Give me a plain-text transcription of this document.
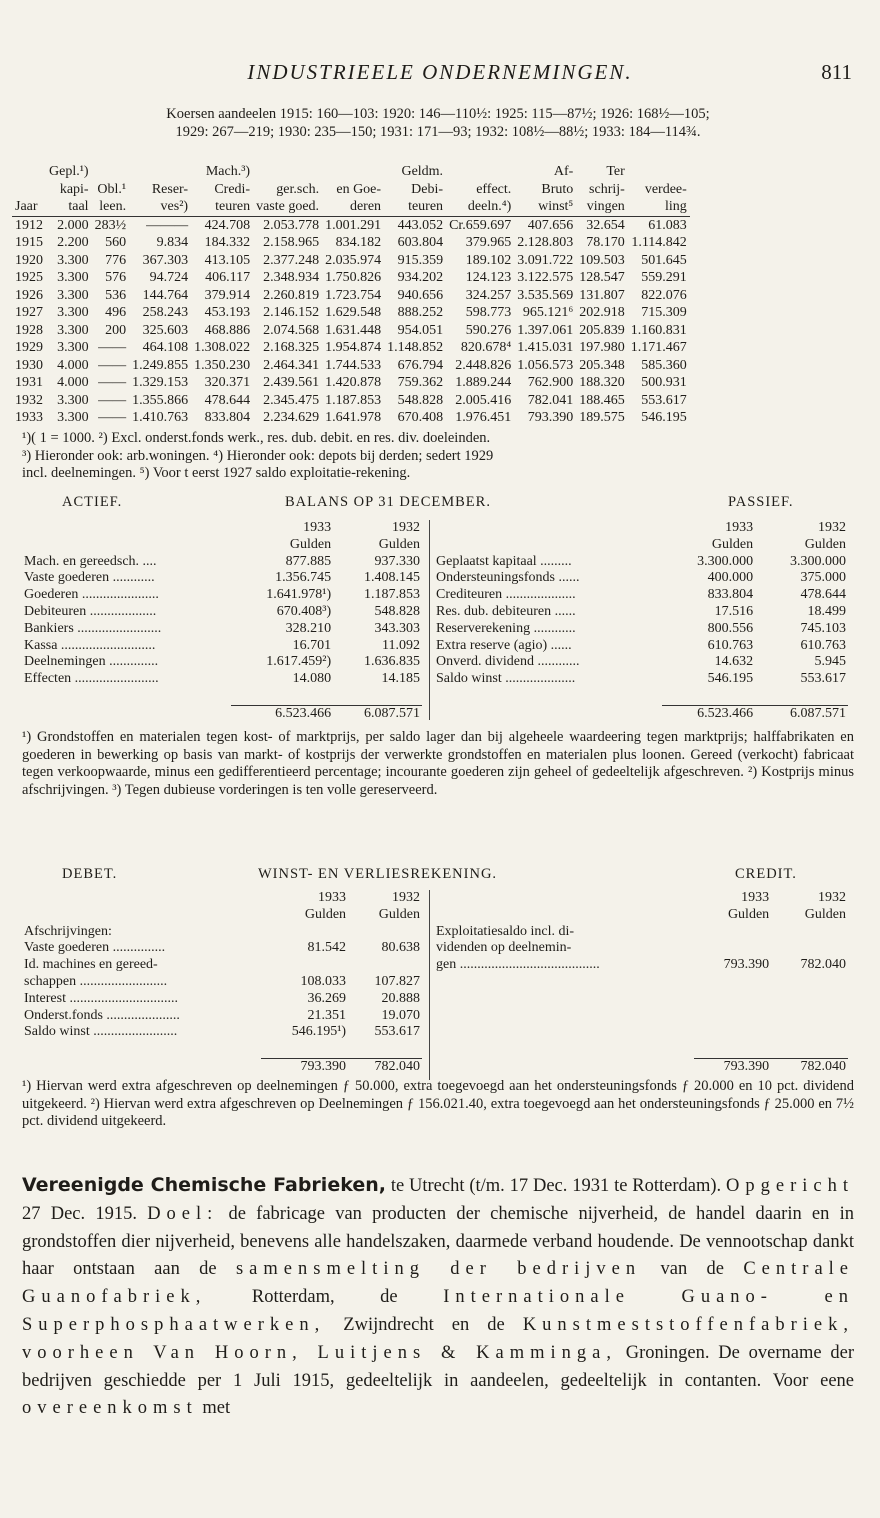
INDUSTRIEELE ONDERNEMINGEN.	811
Koersen aandeelen 1915: 160—103: 1920: 146—110½: 1925: 115—87½; 1926: 168½—105;
1929: 267—219; 1930: 235—150; 1931: 171—93; 1932: 108½—88½; 1933: 184—114¾.
	Gepl.¹)			Mach.³)			Geldm.		Af-	Ter	
	kapi-	Obl.¹	Reser-	Credi-	ger.sch.	en Goe-	Debi-	effect.	Bruto	schrij-	verdee-
Jaar	taal	leen.	ves²)	teuren	vaste goed.	deren	teuren	deeln.⁴)	winst⁵	vingen	ling
1912	2.000	283½	———	424.708	2.053.778	1.001.291	443.052	Cr.659.697	407.656	32.654	61.083
1915	2.200	560	9.834	184.332	2.158.965	834.182	603.804	379.965	2.128.803	78.170	1.114.842
1920	3.300	776	367.303	413.105	2.377.248	2.035.974	915.359	189.102	3.091.722	109.503	501.645
1925	3.300	576	94.724	406.117	2.348.934	1.750.826	934.202	124.123	3.122.575	128.547	559.291
1926	3.300	536	144.764	379.914	2.260.819	1.723.754	940.656	324.257	3.535.569	131.807	822.076
1927	3.300	496	258.243	453.193	2.146.152	1.629.548	888.252	598.773	965.121⁶	202.918	715.309
1928	3.300	200	325.603	468.886	2.074.568	1.631.448	954.051	590.276	1.397.061	205.839	1.160.831
1929	3.300	——	464.108	1.308.022	2.168.325	1.954.874	1.148.852	820.678⁴	1.415.031	197.980	1.171.467
1930	4.000	——	1.249.855	1.350.230	2.464.341	1.744.533	676.794	2.448.826	1.056.573	205.348	585.360
1931	4.000	——	1.329.153	320.371	2.439.561	1.420.878	759.362	1.889.244	762.900	188.320	500.931
1932	3.300	——	1.355.866	478.644	2.345.475	1.187.853	548.828	2.005.416	782.041	188.465	553.617
1933	3.300	——	1.410.763	833.804	2.234.629	1.641.978	670.408	1.976.451	793.390	189.575	546.195
¹)( 1 = 1000. ²) Excl. onderst.fonds werk., res. dub. debit. en res. div. doeleinden.
³) Hieronder ook: arb.woningen. ⁴) Hieronder ook: depots bij derden; sedert 1929
incl. deelnemingen. ⁵) Voor t eerst 1927 saldo exploitatie-rekening.
ACTIEF.	BALANS OP 31 DECEMBER.	PASSIEF.
	1933	1932
	Gulden	Gulden
Mach. en gereedsch. ....	877.885	937.330
Vaste goederen ............	1.356.745	1.408.145
Goederen ......................	1.641.978¹)	1.187.853
Debiteuren ...................	670.408³)	548.828
Bankiers ........................	328.210	343.303
Kassa ...........................	16.701	11.092
Deelnemingen ..............	1.617.459²)	1.636.835
Effecten ........................	14.080	14.185

	6.523.466	6.087.571
	1933	1932
	Gulden	Gulden
Geplaatst kapitaal .........	3.300.000	3.300.000
Ondersteuningsfonds ......	400.000	375.000
Crediteuren ....................	833.804	478.644
Res. dub. debiteuren ......	17.516	18.499
Reserverekening ............	800.556	745.103
Extra reserve (agio) ......	610.763	610.763
Onverd. dividend ............	14.632	5.945
Saldo winst ....................	546.195	553.617

	6.523.466	6.087.571
¹) Grondstoffen en materialen tegen kost- of marktprijs, per saldo lager dan bij algeheele waardeering tegen marktprijs; halffabrikaten en goederen in bewerking op basis van markt- of kostprijs der verwerkte grondstoffen en materialen plus loonen. Gereed (verkocht) fabricaat tegen verkoopwaarde, minus een gedifferentieerd percentage; incourante goederen zijn geheel of gedeeltelijk afgeschreven. ²) Kostprijs minus afschrijvingen. ³) Tegen dubieuse vorderingen is ten volle gereserveerd.
DEBET.	WINST- EN VERLIESREKENING.	CREDIT.
	1933	1932
	Gulden	Gulden
Afschrijvingen:		
Vaste goederen ...............	81.542	80.638
Id. machines en gereed-		
schappen .........................	108.033	107.827
Interest ...............................	36.269	20.888
Onderst.fonds .....................	21.351	19.070
Saldo winst ........................	546.195¹)	553.617

	793.390	782.040
	1933	1932
	Gulden	Gulden
Exploitatiesaldo incl. di-		
videnden op deelnemin-		
gen ........................................	793.390	782.040

	793.390	782.040
¹) Hiervan werd extra afgeschreven op deelnemingen ƒ 50.000, extra toegevoegd aan het ondersteuningsfonds ƒ 20.000 en 10 pct. dividend uitgekeerd. ²) Hiervan werd extra afgeschreven op Deelnemingen ƒ 156.021.40, extra toegevoegd aan het ondersteuningsfonds ƒ 25.000 en 7½ pct. dividend uitgekeerd.
Vereenigde Chemische Fabrieken, te Utrecht (t/m. 17 Dec. 1931 te Rotterdam). Opgericht 27 Dec. 1915. Doel: de fabricage van producten der chemische nijverheid, de handel daarin en in grondstoffen dier nijverheid, benevens alle handelszaken, daarmede verband houdende. De vennootschap dankt haar ontstaan aan de samensmelting der bedrijven van de Centrale Guanofabriek, Rotterdam, de Internationale Guano- en Superphosphaatwerken, Zwijndrecht en de Kunstmeststoffenfabriek, voorheen Van Hoorn, Luitjens & Kamminga, Groningen. De overname der bedrijven geschiedde per 1 Juli 1915, gedeeltelijk in aandeelen, gedeeltelijk in contanten. Voor eene overeenkomst met
